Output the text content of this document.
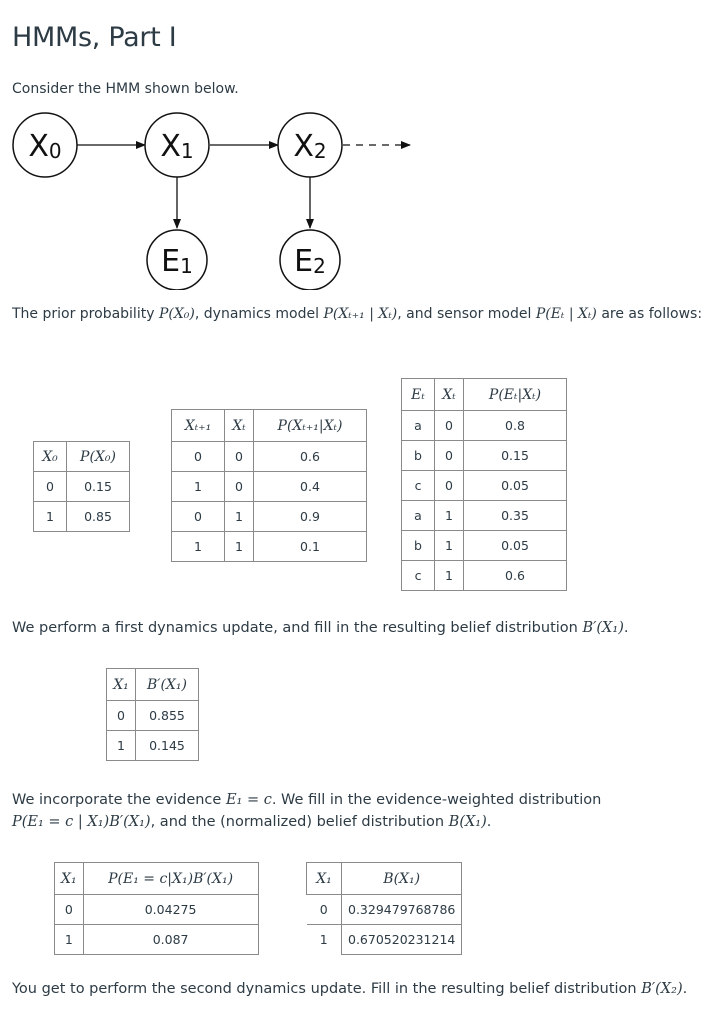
HMMs, Part I
Consider the HMM shown below.
X0	X1	X2
E1	E2
The prior probability P(X₀), dynamics model P(Xₜ₊₁ | Xₜ), and sensor model P(Eₜ | Xₜ) are as follows:
X₀	P(X₀)
0	0.15
1	0.85
Xₜ₊₁	Xₜ	P(Xₜ₊₁|Xₜ)
0	0	0.6
1	0	0.4
0	1	0.9
1	1	0.1
Eₜ	Xₜ	P(Eₜ|Xₜ)
a	0	0.8
b	0	0.15
c	0	0.05
a	1	0.35
b	1	0.05
c	1	0.6
We perform a first dynamics update, and fill in the resulting belief distribution B′(X₁).
X₁	B′(X₁)
0	0.855
1	0.145
We incorporate the evidence E₁ = c. We fill in the evidence-weighted distribution
P(E₁ = c | X₁)B′(X₁), and the (normalized) belief distribution B(X₁).
X₁	P(E₁ = c|X₁)B′(X₁)
0	0.04275
1	0.087
X₁	B(X₁)
0	0.329479768786
1	0.670520231214
You get to perform the second dynamics update. Fill in the resulting belief distribution B′(X₂).
